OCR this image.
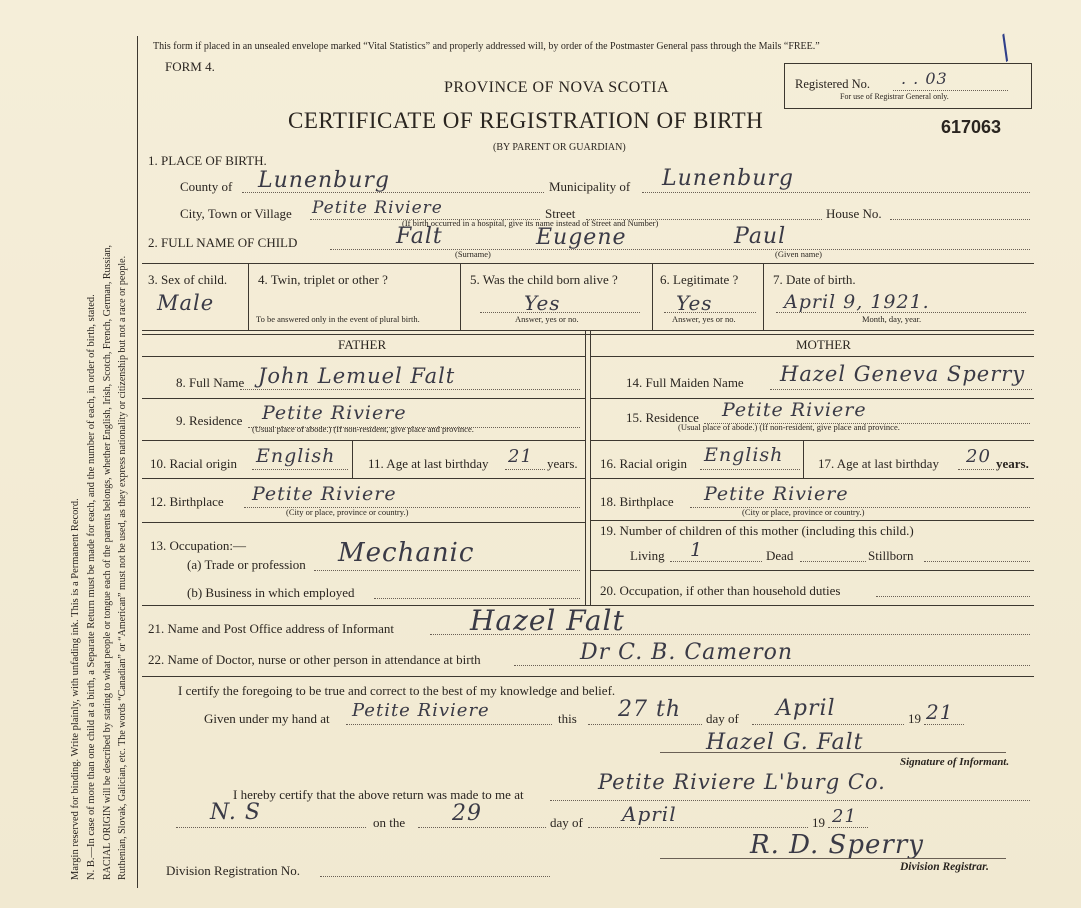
Margin reserved for binding. Write plainly, with unfading ink. This is a Permanent Record. N. B.—In case of more than one child at a birth, a Separate Return must be made for each, and the number of each, in order of birth, stated. RACIAL ORIGIN will be described by stating to what people or tongue each of the parents belongs, whether English, Irish, Scotch, French, German, Russian, Ruthenian, Slovak, Galician, etc. The words “Canadian” or “American” must not be used, as they express nationality or citizenship but not a race or people.
This form if placed in an unsealed envelope marked “Vital Statistics” and properly addressed will, by order of the Postmaster General pass through the Mails “FREE.”	/
FORM 4.
PROVINCE OF NOVA SCOTIA	Registered No. . . 03
For use of Registrar General only.
CERTIFICATE OF REGISTRATION OF BIRTH	617063
(BY PARENT OR GUARDIAN)
1. PLACE OF BIRTH.
County of Lunenburg	Municipality of Lunenburg
City, Town or Village Petite Riviere
(If birth occurred in a hospital, give its name instead of Street and Number)
Street	House No.
2. FULL NAME OF CHILD	Falt	Eugene	Paul
(Surname)	(Given name)
3. Sex of child.
Male
4. Twin, triplet or other ?
To be answered only in the event of plural birth.
5. Was the child born alive ?
Yes
Answer, yes or no.
6. Legitimate ?
Yes
Answer, yes or no.
7. Date of birth.
April 9, 1921.
Month, day, year.
FATHER	MOTHER
8. Full Name John Lemuel Falt
9. Residence Petite Riviere
(Usual place of abode.) (If non-resident, give place and province.
10. Racial origin English	11. Age at last birthday 21 years.
12. Birthplace Petite Riviere
(City or place, province or country.)
13. Occupation:—
(a) Trade or profession Mechanic
(b) Business in which employed
14. Full Maiden Name Hazel Geneva Sperry
15. Residence Petite Riviere
(Usual place of abode.) (If non-resident, give place and province.
16. Racial origin English	17. Age at last birthday 20 years.
18. Birthplace Petite Riviere
(City or place, province or country.)
19. Number of children of this mother (including this child.)
Living 1	Dead	Stillborn
20. Occupation, if other than household duties
21. Name and Post Office address of Informant	Hazel Falt
22. Name of Doctor, nurse or other person in attendance at birth	Dr C. B. Cameron
I certify the foregoing to be true and correct to the best of my knowledge and belief.
Given under my hand at Petite Riviere	this 27 th day of April	19 21
Hazel G. Falt
Signature of Informant.
I hereby certify that the above return was made to me at
Petite Riviere L'burg Co.
N. S	on the 29	day of April	19 21
R. D. Sperry
Division Registration No.	Division Registrar.
